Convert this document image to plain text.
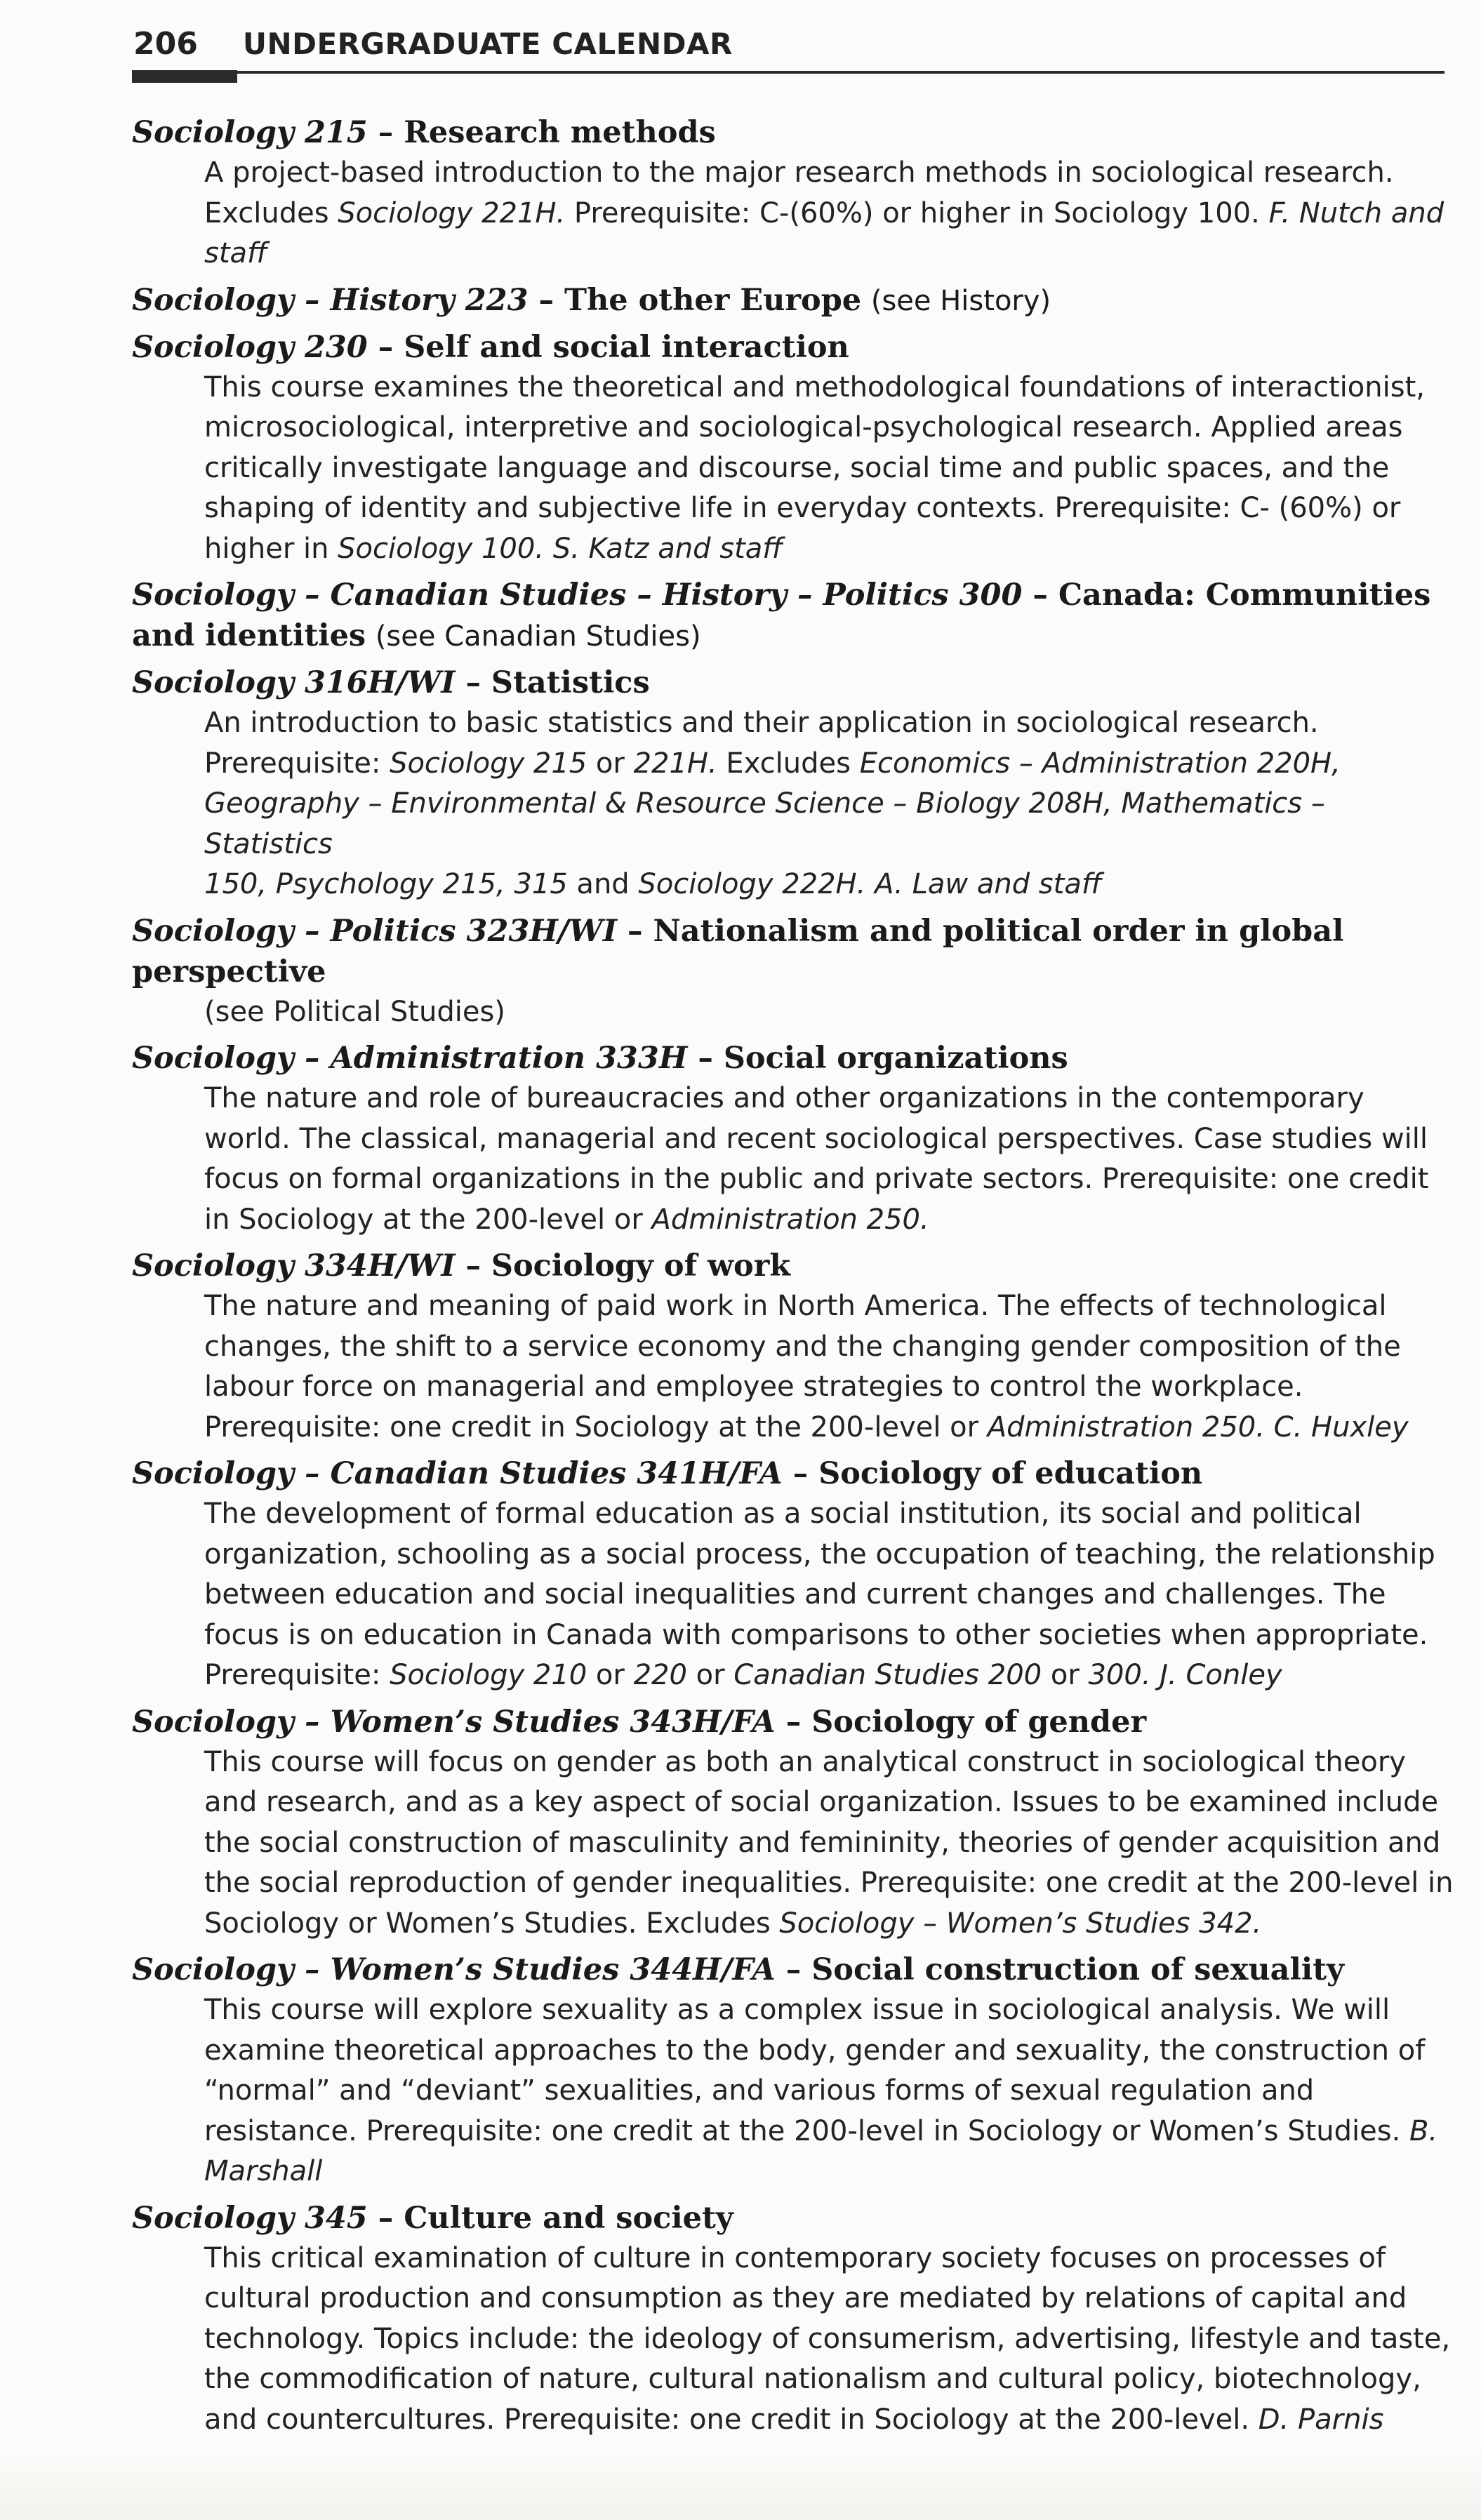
206 UNDERGRADUATE CALENDAR
Sociology 215 – Research methods
A project-based introduction to the major research methods in sociological research.
Excludes Sociology 221H. Prerequisite: C-(60%) or higher in Sociology 100. F. Nutch and
staff
Sociology – History 223 – The other Europe (see History)
Sociology 230 – Self and social interaction
This course examines the theoretical and methodological foundations of interactionist,
microsociological, interpretive and sociological-psychological research. Applied areas
critically investigate language and discourse, social time and public spaces, and the
shaping of identity and subjective life in everyday contexts. Prerequisite: C- (60%) or
higher in Sociology 100. S. Katz and staff
Sociology – Canadian Studies – History – Politics 300 – Canada: Communities and identities (see Canadian Studies)
Sociology 316H/WI – Statistics
An introduction to basic statistics and their application in sociological research.
Prerequisite: Sociology 215 or 221H. Excludes Economics – Administration 220H,
Geography – Environmental & Resource Science – Biology 208H, Mathematics – Statistics
150, Psychology 215, 315 and Sociology 222H. A. Law and staff
Sociology – Politics 323H/WI – Nationalism and political order in global perspective
(see Political Studies)
Sociology – Administration 333H – Social organizations
The nature and role of bureaucracies and other organizations in the contemporary
world. The classical, managerial and recent sociological perspectives. Case studies will
focus on formal organizations in the public and private sectors. Prerequisite: one credit
in Sociology at the 200-level or Administration 250.
Sociology 334H/WI – Sociology of work
The nature and meaning of paid work in North America. The effects of technological
changes, the shift to a service economy and the changing gender composition of the
labour force on managerial and employee strategies to control the workplace.
Prerequisite: one credit in Sociology at the 200-level or Administration 250. C. Huxley
Sociology – Canadian Studies 341H/FA – Sociology of education
The development of formal education as a social institution, its social and political
organization, schooling as a social process, the occupation of teaching, the relationship
between education and social inequalities and current changes and challenges. The
focus is on education in Canada with comparisons to other societies when appropriate.
Prerequisite: Sociology 210 or 220 or Canadian Studies 200 or 300. J. Conley
Sociology – Women’s Studies 343H/FA – Sociology of gender
This course will focus on gender as both an analytical construct in sociological theory
and research, and as a key aspect of social organization. Issues to be examined include
the social construction of masculinity and femininity, theories of gender acquisition and
the social reproduction of gender inequalities. Prerequisite: one credit at the 200-level in
Sociology or Women’s Studies. Excludes Sociology – Women’s Studies 342.
Sociology – Women’s Studies 344H/FA – Social construction of sexuality
This course will explore sexuality as a complex issue in sociological analysis. We will
examine theoretical approaches to the body, gender and sexuality, the construction of
“normal” and “deviant” sexualities, and various forms of sexual regulation and
resistance. Prerequisite: one credit at the 200-level in Sociology or Women’s Studies. B.
Marshall
Sociology 345 – Culture and society
This critical examination of culture in contemporary society focuses on processes of
cultural production and consumption as they are mediated by relations of capital and
technology. Topics include: the ideology of consumerism, advertising, lifestyle and taste,
the commodification of nature, cultural nationalism and cultural policy, biotechnology,
and countercultures. Prerequisite: one credit in Sociology at the 200-level. D. Parnis
